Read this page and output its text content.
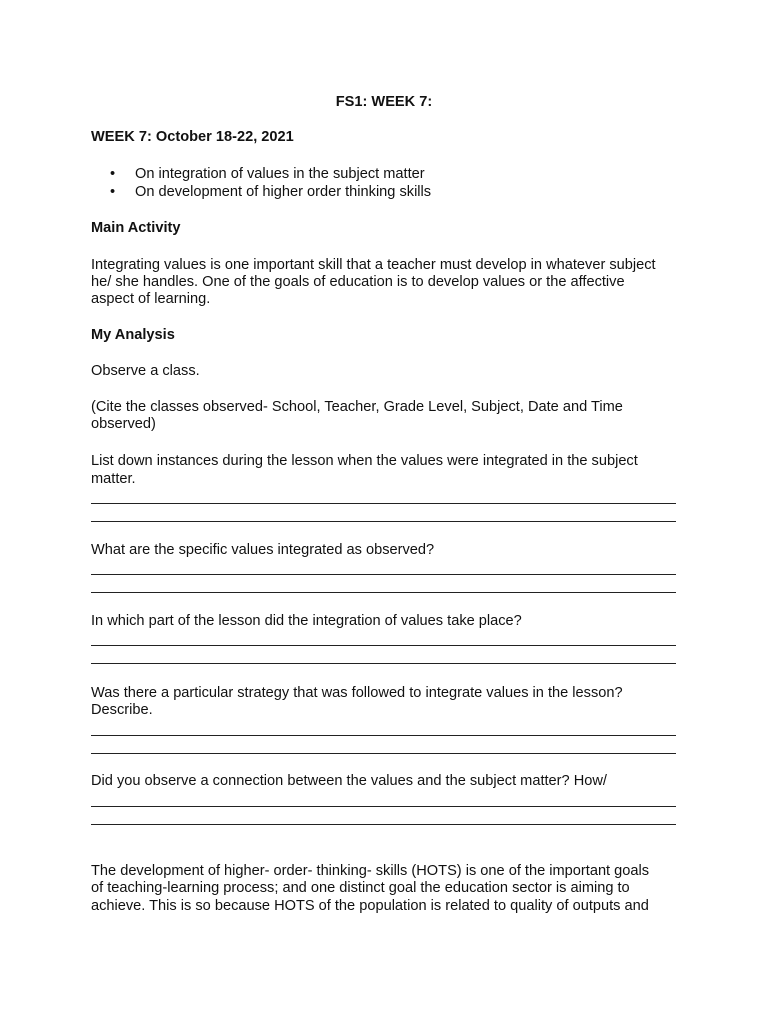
FS1: WEEK 7:
WEEK 7: October 18-22, 2021
• On integration of values in the subject matter
• On development of higher order thinking skills
Main Activity
Integrating values is one important skill that a teacher must develop in whatever subject
he/ she handles. One of the goals of education is to develop values or the affective
aspect of learning.
My Analysis
Observe a class.
(Cite the classes observed- School, Teacher, Grade Level, Subject, Date and Time
observed)
List down instances during the lesson when the values were integrated in the subject
matter.
What are the specific values integrated as observed?
In which part of the lesson did the integration of values take place?
Was there a particular strategy that was followed to integrate values in the lesson?
Describe.
Did you observe a connection between the values and the subject matter? How/
The development of higher- order- thinking- skills (HOTS) is one of the important goals
of teaching-learning process; and one distinct goal the education sector is aiming to
achieve. This is so because HOTS of the population is related to quality of outputs and
